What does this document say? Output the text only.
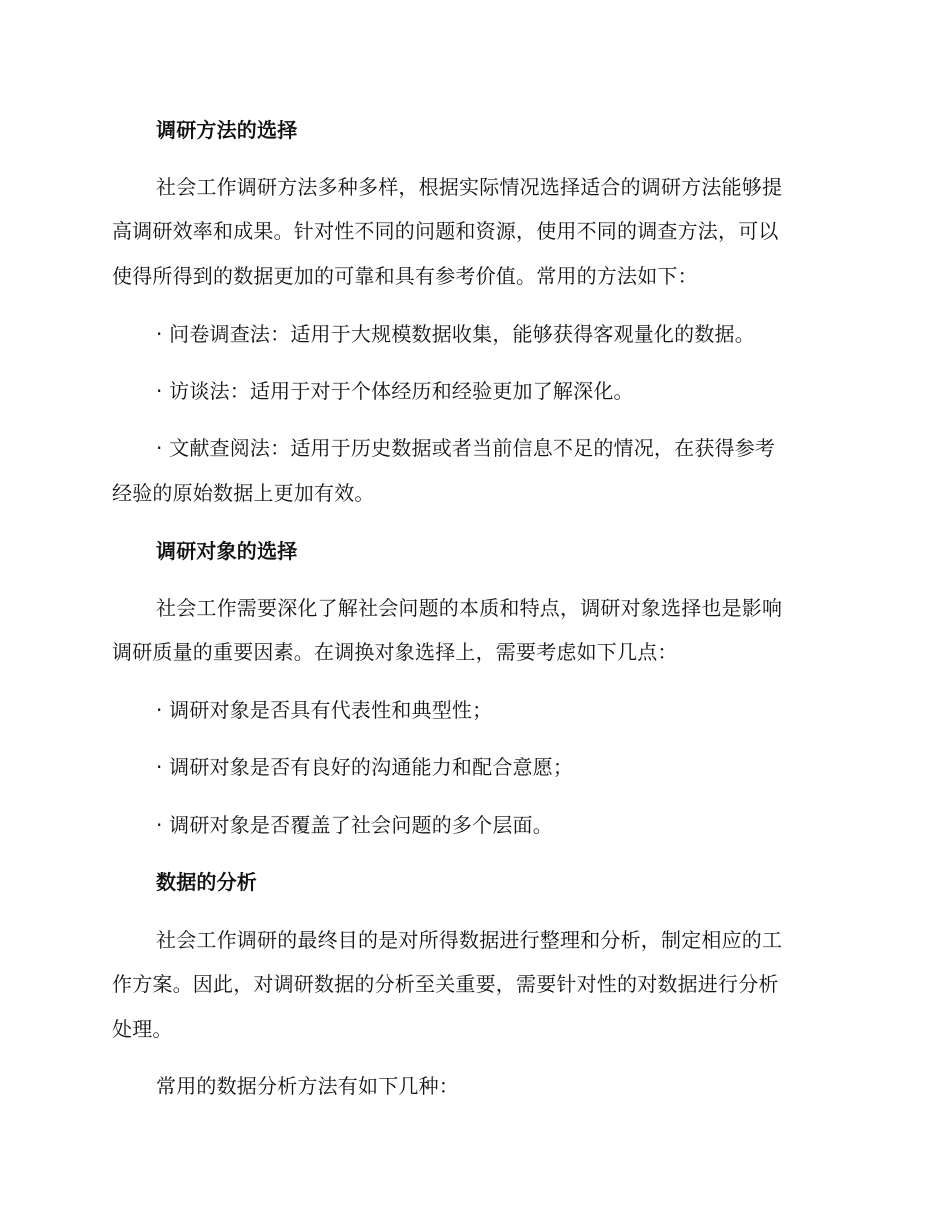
调研方法的选择
社会工作调研方法多种多样，根据实际情况选择适合的调研方法能够提
高调研效率和成果。针对性不同的问题和资源，使用不同的调查方法，可以
使得所得到的数据更加的可靠和具有参考价值。常用的方法如下：
· 问卷调查法：适用于大规模数据收集，能够获得客观量化的数据。
· 访谈法：适用于对于个体经历和经验更加了解深化。
· 文献查阅法：适用于历史数据或者当前信息不足的情况，在获得参考
经验的原始数据上更加有效。
调研对象的选择
社会工作需要深化了解社会问题的本质和特点，调研对象选择也是影响
调研质量的重要因素。在调换对象选择上，需要考虑如下几点：
· 调研对象是否具有代表性和典型性；
· 调研对象是否有良好的沟通能力和配合意愿；
· 调研对象是否覆盖了社会问题的多个层面。
数据的分析
社会工作调研的最终目的是对所得数据进行整理和分析，制定相应的工
作方案。因此，对调研数据的分析至关重要，需要针对性的对数据进行分析
处理。
常用的数据分析方法有如下几种：
